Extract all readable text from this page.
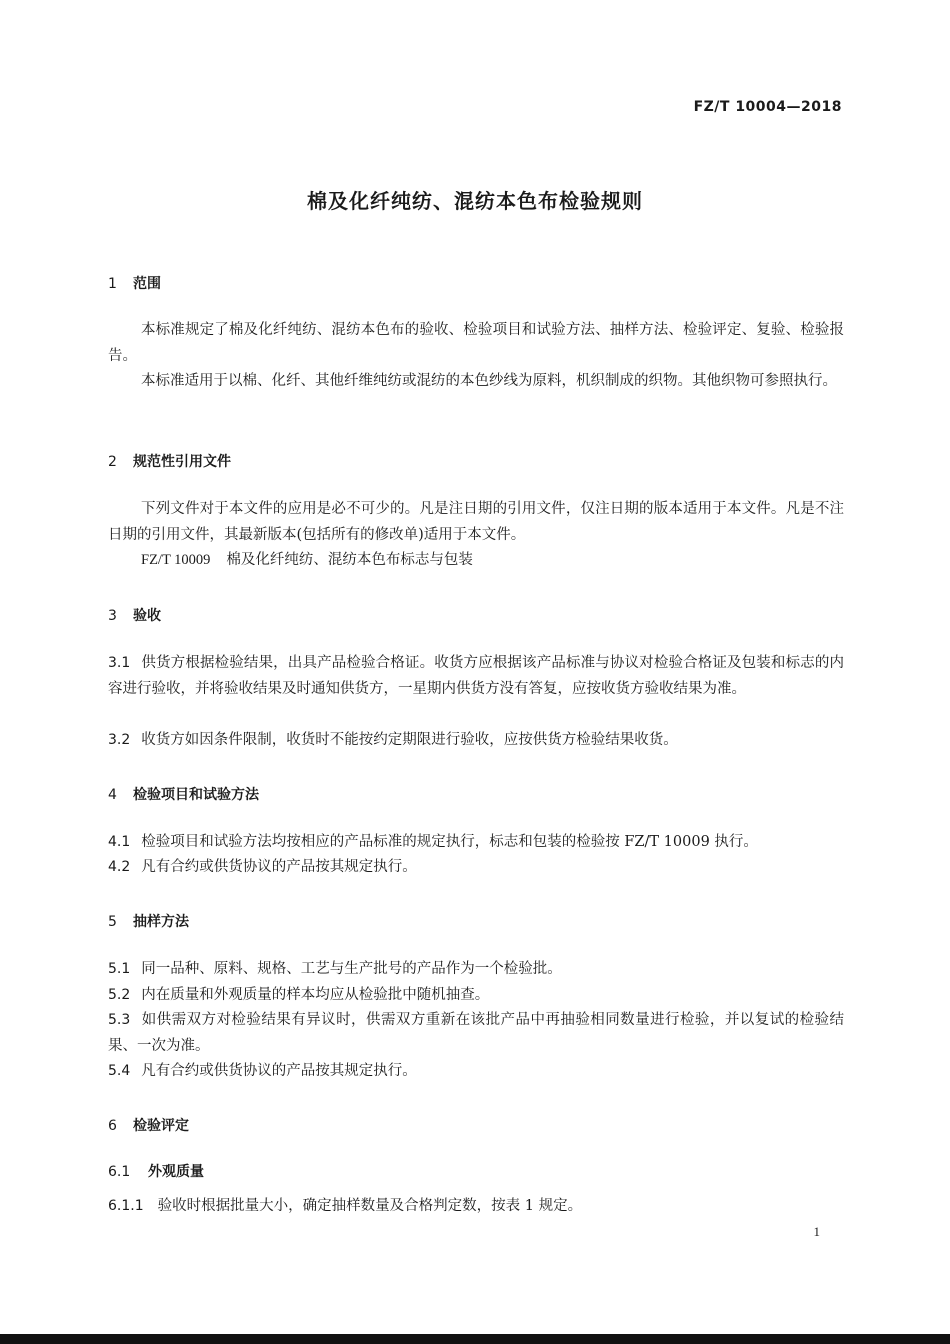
FZ/T 10004—2018
棉及化纤纯纺、混纺本色布检验规则
1 范围
本标准规定了棉及化纤纯纺、混纺本色布的验收、检验项目和试验方法、抽样方法、检验评定、复验、检验报告。
本标准适用于以棉、化纤、其他纤维纯纺或混纺的本色纱线为原料，机织制成的织物。其他织物可参照执行。
2 规范性引用文件
下列文件对于本文件的应用是必不可少的。凡是注日期的引用文件，仅注日期的版本适用于本文件。凡是不注日期的引用文件，其最新版本(包括所有的修改单)适用于本文件。
FZ/T 10009 棉及化纤纯纺、混纺本色布标志与包装
3 验收
3.1 供货方根据检验结果，出具产品检验合格证。收货方应根据该产品标准与协议对检验合格证及包装和标志的内容进行验收，并将验收结果及时通知供货方，一星期内供货方没有答复，应按收货方验收结果为准。
3.2 收货方如因条件限制，收货时不能按约定期限进行验收，应按供货方检验结果收货。
4 检验项目和试验方法
4.1 检验项目和试验方法均按相应的产品标准的规定执行，标志和包装的检验按 FZ/T 10009 执行。
4.2 凡有合约或供货协议的产品按其规定执行。
5 抽样方法
5.1 同一品种、原料、规格、工艺与生产批号的产品作为一个检验批。
5.2 内在质量和外观质量的样本均应从检验批中随机抽查。
5.3 如供需双方对检验结果有异议时，供需双方重新在该批产品中再抽验相同数量进行检验，并以复试的检验结果、一次为准。
5.4 凡有合约或供货协议的产品按其规定执行。
6 检验评定
6.1 外观质量
6.1.1 验收时根据批量大小，确定抽样数量及合格判定数，按表 1 规定。
1
